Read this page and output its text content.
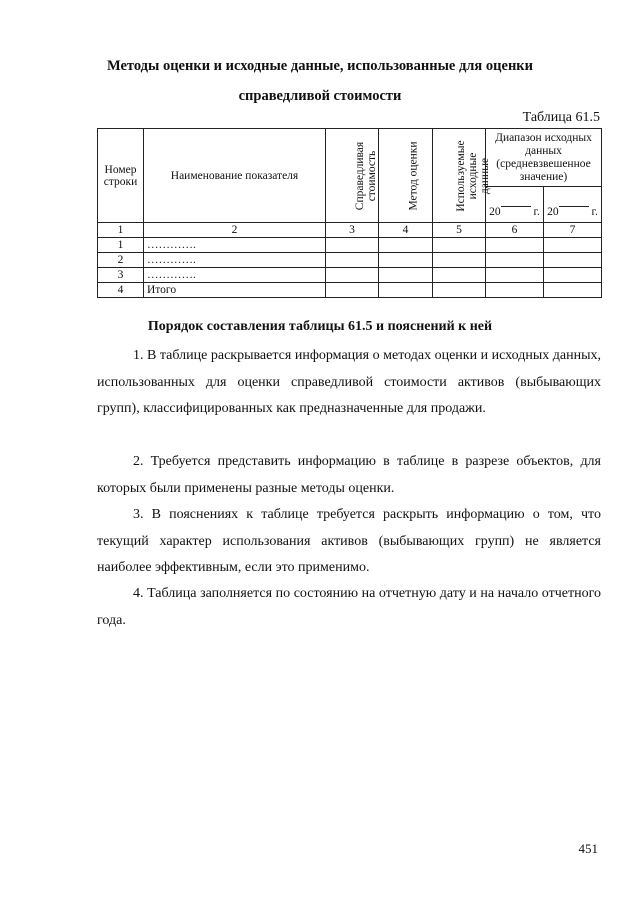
Методы оценки и исходные данные, использованные для оценки
справедливой стоимости
Таблица 61.5
Номер строки	Наименование показателя	Справедливая стоимость	Метод оценки	Используемые исходные данные	Диапазон исходных данных (средневзвешенное значение)	
					20 г.	20 г.
1	2	3	4	5	6	7
1	………….					
2	………….					
3	………….					
4	Итого					
Порядок составления таблицы 61.5 и пояснений к ней
1. В таблице раскрывается информация о методах оценки и исходных данных, использованных для оценки справедливой стоимости активов (выбывающих групп), классифицированных как предназначенные для продажи.
2. Требуется представить информацию в таблице в разрезе объектов, для которых были применены разные методы оценки.
3. В пояснениях к таблице требуется раскрыть информацию о том, что текущий характер использования активов (выбывающих групп) не является наиболее эффективным, если это применимо.
4. Таблица заполняется по состоянию на отчетную дату и на начало отчетного года.
451
